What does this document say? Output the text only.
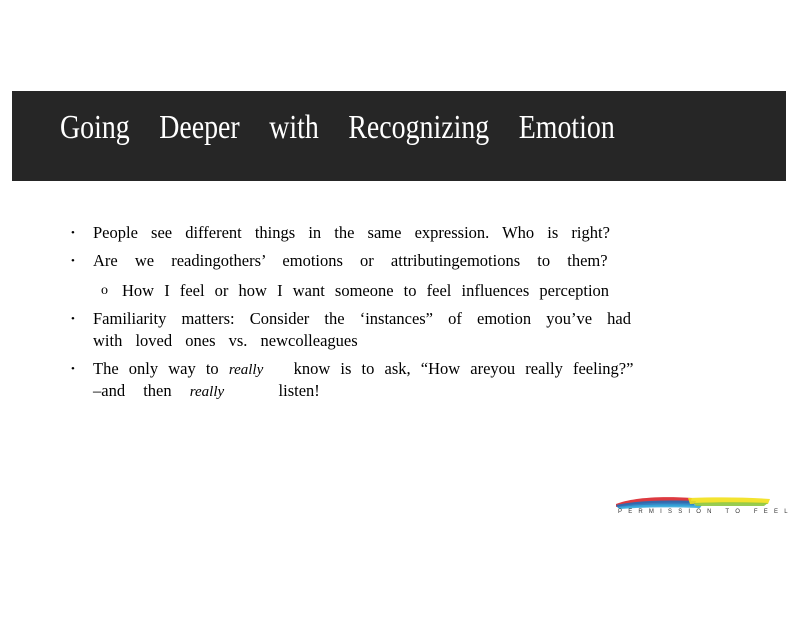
Going Deeper with Recognizing Emotion
• People see different things in the same expression. Who is right?
• Are we readingothers’ emotions or attributingemotions to them?
o How I feel or how I want someone to feel influences perception
• Familiarity matters: Consider the ‘instances” of emotion you’ve had
with loved ones vs. newcolleagues
• The only way to really know is to ask, “How areyou really feeling?”
–and then really	listen!
PERMISSION TO FEEL
